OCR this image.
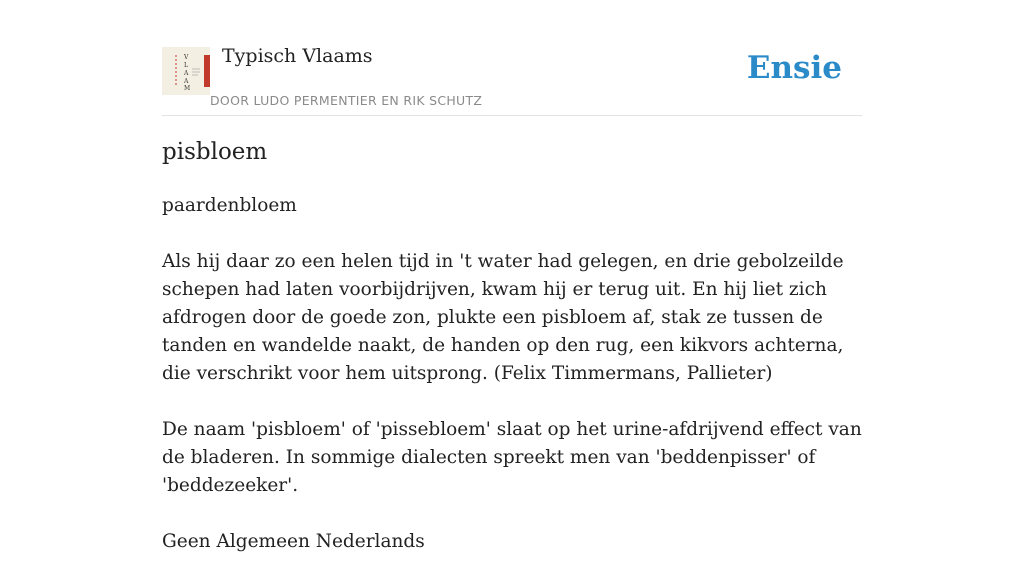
V
L
A
A
M
Typisch Vlaams
DOOR LUDO PERMENTIER EN RIK SCHUTZ
Ensie
pisbloem

paardenbloem

Als hij daar zo een helen tijd in 't water had gelegen, en drie gebolzeilde schepen had laten voorbijdrijven, kwam hij er terug uit. En hij liet zich afdrogen door de goede zon, plukte een pisbloem af, stak ze tussen de tanden en wandelde naakt, de handen op den rug, een kikvors achterna, die verschrikt voor hem uitsprong. (Felix Timmermans, Pallieter)

De naam 'pisbloem' of 'pissebloem' slaat op het urine-afdrijvend effect van de bladeren. In sommige dialecten spreekt men van 'beddenpisser' of 'beddezeeker'.

Geen Algemeen Nederlands
